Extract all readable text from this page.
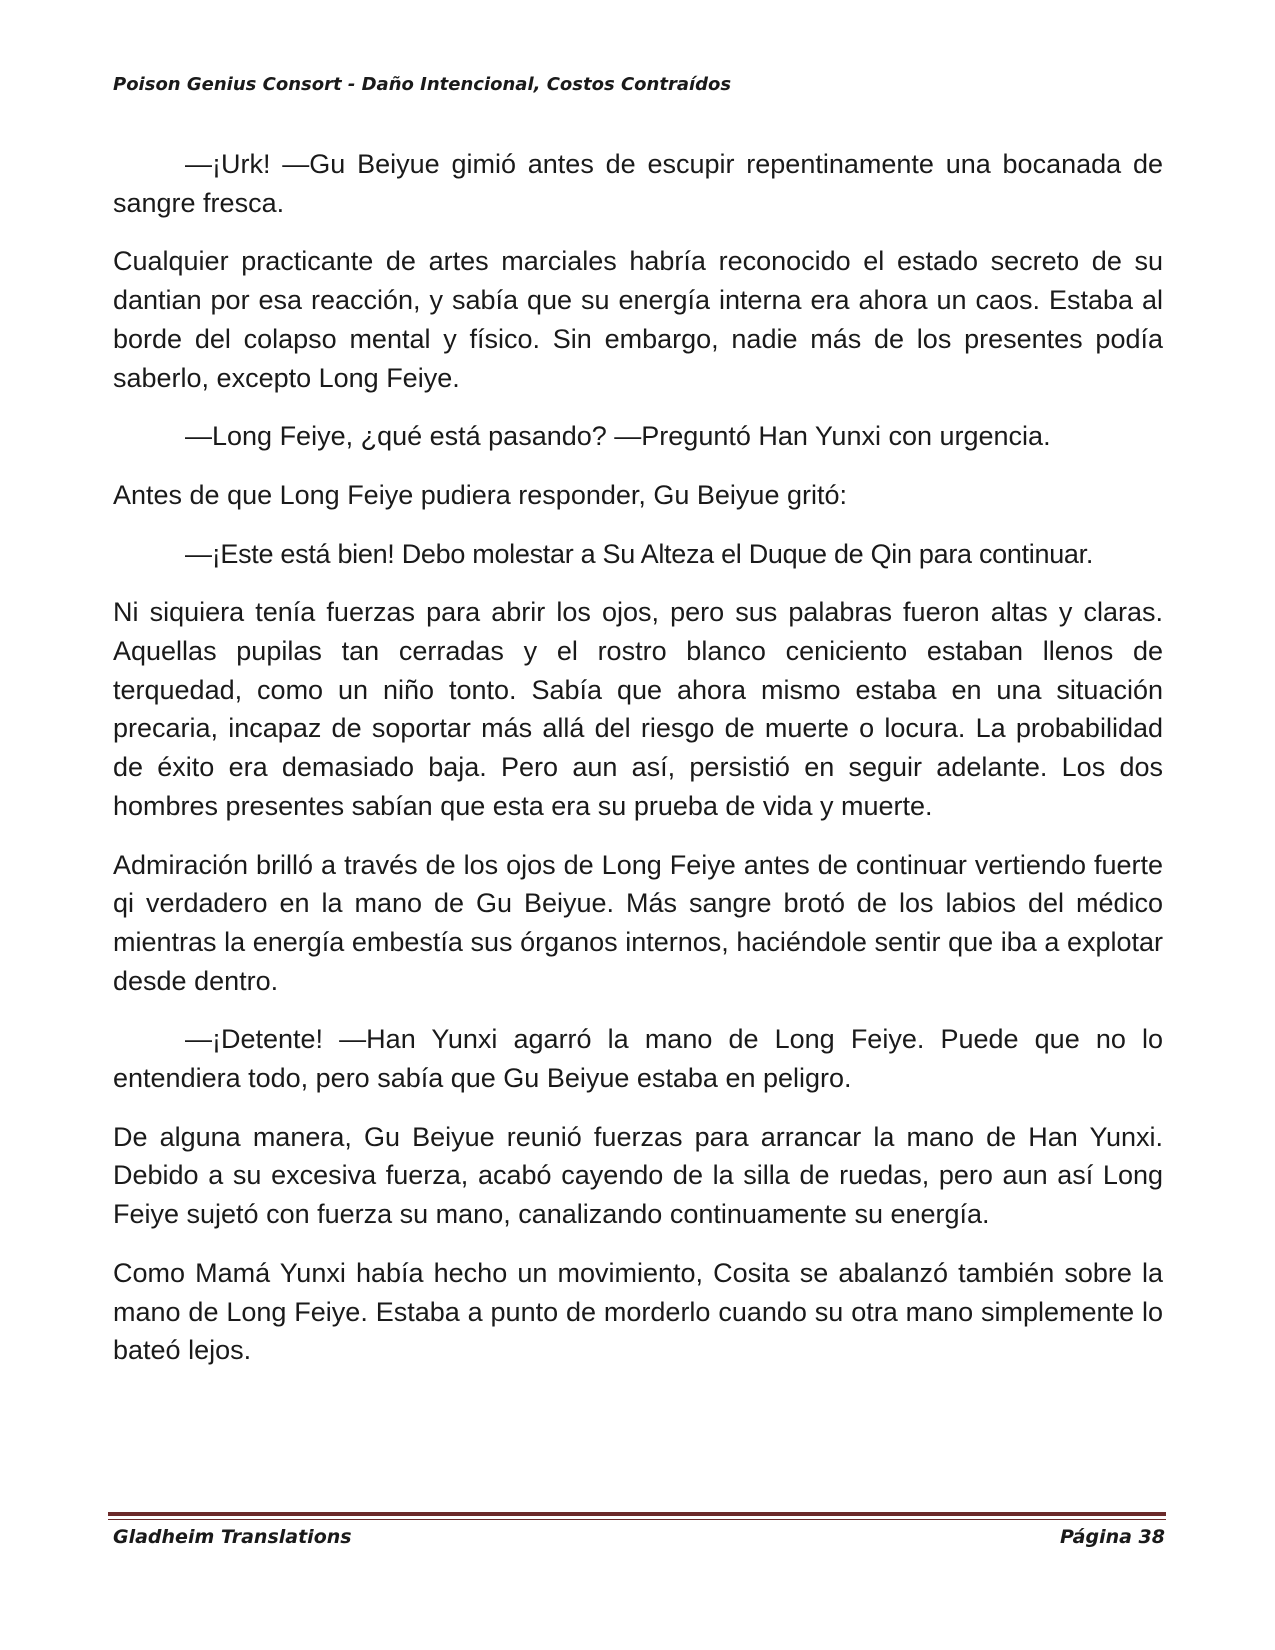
Poison Genius Consort - Daño Intencional, Costos Contraídos

—¡Urk! —Gu Beiyue gimió antes de escupir repentinamente una bocanada de sangre fresca.

Cualquier practicante de artes marciales habría reconocido el estado secreto de su dantian por esa reacción, y sabía que su energía interna era ahora un caos. Estaba al borde del colapso mental y físico. Sin embargo, nadie más de los presentes podía saberlo, excepto Long Feiye.

—Long Feiye, ¿qué está pasando? —Preguntó Han Yunxi con urgencia.

Antes de que Long Feiye pudiera responder, Gu Beiyue gritó:

—¡Este está bien! Debo molestar a Su Alteza el Duque de Qin para continuar.

Ni siquiera tenía fuerzas para abrir los ojos, pero sus palabras fueron altas y claras. Aquellas pupilas tan cerradas y el rostro blanco ceniciento estaban llenos de terquedad, como un niño tonto. Sabía que ahora mismo estaba en una situación precaria, incapaz de soportar más allá del riesgo de muerte o locura. La probabilidad de éxito era demasiado baja. Pero aun así, persistió en seguir adelante. Los dos hombres presentes sabían que esta era su prueba de vida y muerte.

Admiración brilló a través de los ojos de Long Feiye antes de continuar vertiendo fuerte qi verdadero en la mano de Gu Beiyue. Más sangre brotó de los labios del médico mientras la energía embestía sus órganos internos, haciéndole sentir que iba a explotar desde dentro.

—¡Detente! —Han Yunxi agarró la mano de Long Feiye. Puede que no lo entendiera todo, pero sabía que Gu Beiyue estaba en peligro.

De alguna manera, Gu Beiyue reunió fuerzas para arrancar la mano de Han Yunxi. Debido a su excesiva fuerza, acabó cayendo de la silla de ruedas, pero aun así Long Feiye sujetó con fuerza su mano, canalizando continuamente su energía.

Como Mamá Yunxi había hecho un movimiento, Cosita se abalanzó también sobre la mano de Long Feiye. Estaba a punto de morderlo cuando su otra mano simplemente lo bateó lejos.

Gladheim Translations	Página 38
